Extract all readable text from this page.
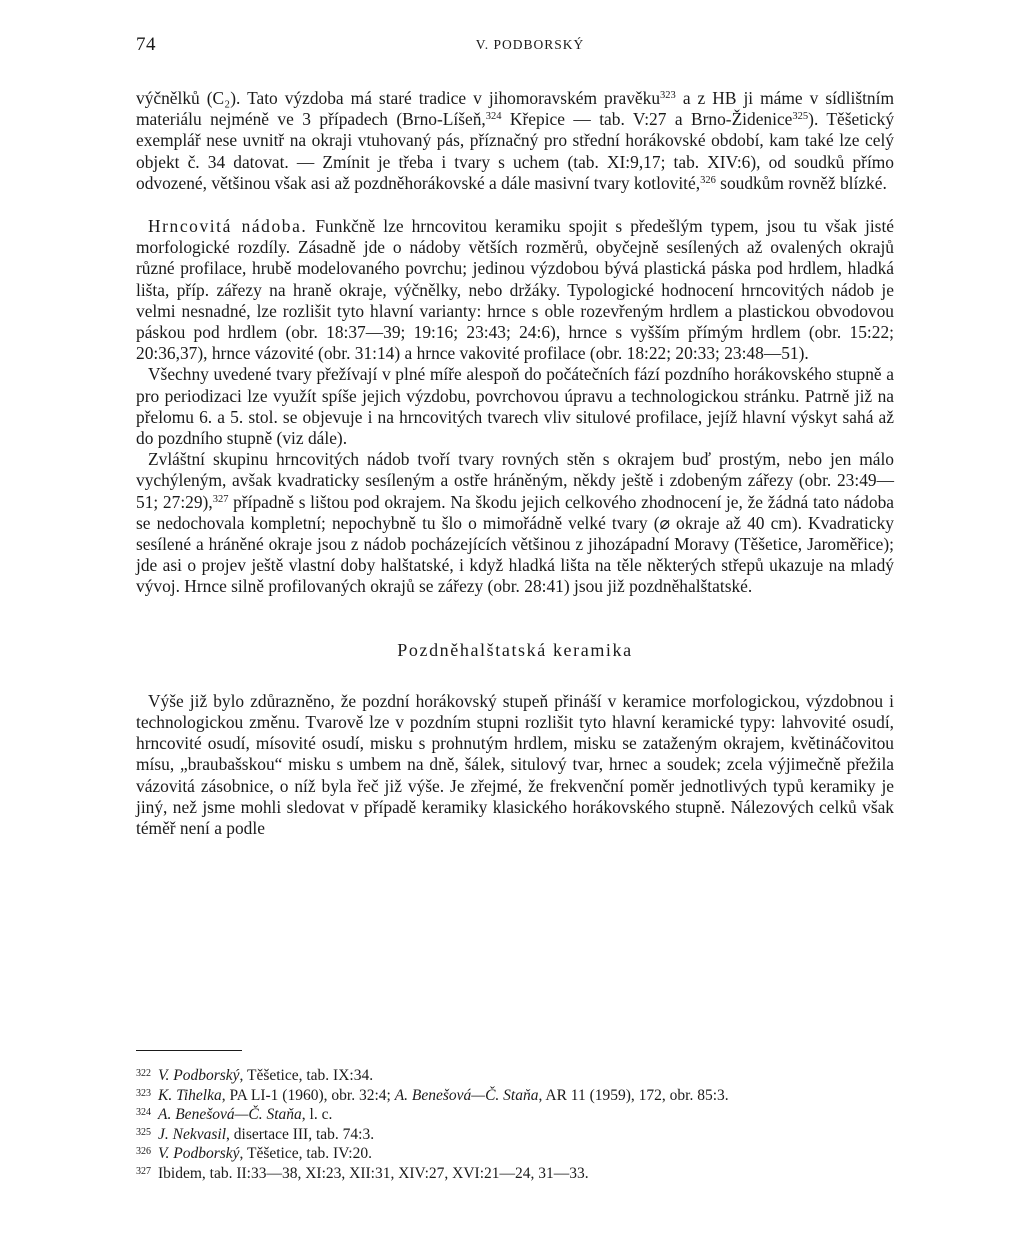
74	V. PODBORSKÝ

výčnělků (C₂). Tato výzdoba má staré tradice v jihomoravském pravěku$^{323}$ a z HB ji máme v sídlištním materiálu nejméně ve 3 případech (Brno-Líšeň,$^{324}$ Křepice — tab. V:27 a Brno-Židenice$^{325}$). Těšetický exemplář nese uvnitř na okraji vtuhovaný pás, příznačný pro střední horákovské období, kam také lze celý objekt č. 34 datovat. — Zmínit je třeba i tvary s uchem (tab. XI:9,17; tab. XIV:6), od soudků přímo odvozené, většinou však asi až pozdněhorákovské a dále masivní tvary kotlovité,$^{326}$ soudkům rovněž blízké.

Hrncovitá nádoba. Funkčně lze hrncovitou keramiku spojit s předešlým typem, jsou tu však jisté morfologické rozdíly. Zásadně jde o nádoby větších rozměrů, obyčejně sesílených až ovalených okrajů různé profilace, hrubě modelovaného povrchu; jedinou výzdobou bývá plastická páska pod hrdlem, hladká lišta, příp. zářezy na hraně okraje, výčnělky, nebo držáky. Typologické hodnocení hrncovitých nádob je velmi nesnadné, lze rozlišit tyto hlavní varianty: hrnce s oble rozevřeným hrdlem a plastickou obvodovou páskou pod hrdlem (obr. 18:37—39; 19:16; 23:43; 24:6), hrnce s vyšším přímým hrdlem (obr. 15:22; 20:36,37), hrnce vázovité (obr. 31:14) a hrnce vakovité profilace (obr. 18:22; 20:33; 23:48—51).

Všechny uvedené tvary přežívají v plné míře alespoň do počátečních fází pozdního horákovského stupně a pro periodizaci lze využít spíše jejich výzdobu, povrchovou úpravu a technologickou stránku. Patrně již na přelomu 6. a 5. stol. se objevuje i na hrncovitých tvarech vliv situlové profilace, jejíž hlavní výskyt sahá až do pozdního stupně (viz dále).

Zvláštní skupinu hrncovitých nádob tvoří tvary rovných stěn s okrajem buď prostým, nebo jen málo vychýleným, avšak kvadraticky sesíleným a ostře hráněným, někdy ještě i zdobeným zářezy (obr. 23:49—51; 27:29),$^{327}$ případně s lištou pod okrajem. Na škodu jejich celkového zhodnocení je, že žádná tato nádoba se nedochovala kompletní; nepochybně tu šlo o mimořádně velké tvary (⌀ okraje až 40 cm). Kvadraticky sesílené a hráněné okraje jsou z nádob pocházejících většinou z jihozápadní Moravy (Těšetice, Jaroměřice); jde asi o projev ještě vlastní doby halštatské, i když hladká lišta na těle některých střepů ukazuje na mladý vývoj. Hrnce silně profilovaných okrajů se zářezy (obr. 28:41) jsou již pozdněhalštatské.

Pozdněhalštatská keramika

Výše již bylo zdůrazněno, že pozdní horákovský stupeň přináší v keramice morfologickou, výzdobnou i technologickou změnu. Tvarově lze v pozdním stupni rozlišit tyto hlavní keramické typy: lahvovité osudí, hrncovité osudí, mísovité osudí, misku s prohnutým hrdlem, misku se zataženým okrajem, květináčovitou mísu, „braubašskou“ misku s umbem na dně, šálek, situlový tvar, hrnec a soudek; zcela výjimečně přežila vázovitá zásobnice, o níž byla řeč již výše. Je zřejmé, že frekvenční poměr jednotlivých typů keramiky je jiný, než jsme mohli sledovat v případě keramiky klasického horákovského stupně. Nálezových celků však téměř není a podle

322 V. Podborský, Těšetice, tab. IX:34.

323 K. Tihelka, PA LI-1 (1960), obr. 32:4; A. Benešová—Č. Staňa, AR 11 (1959), 172, obr. 85:3.

324 A. Benešová—Č. Staňa, l. c.

325 J. Nekvasil, disertace III, tab. 74:3.

326 V. Podborský, Těšetice, tab. IV:20.

327 Ibidem, tab. II:33—38, XI:23, XII:31, XIV:27, XVI:21—24, 31—33.
